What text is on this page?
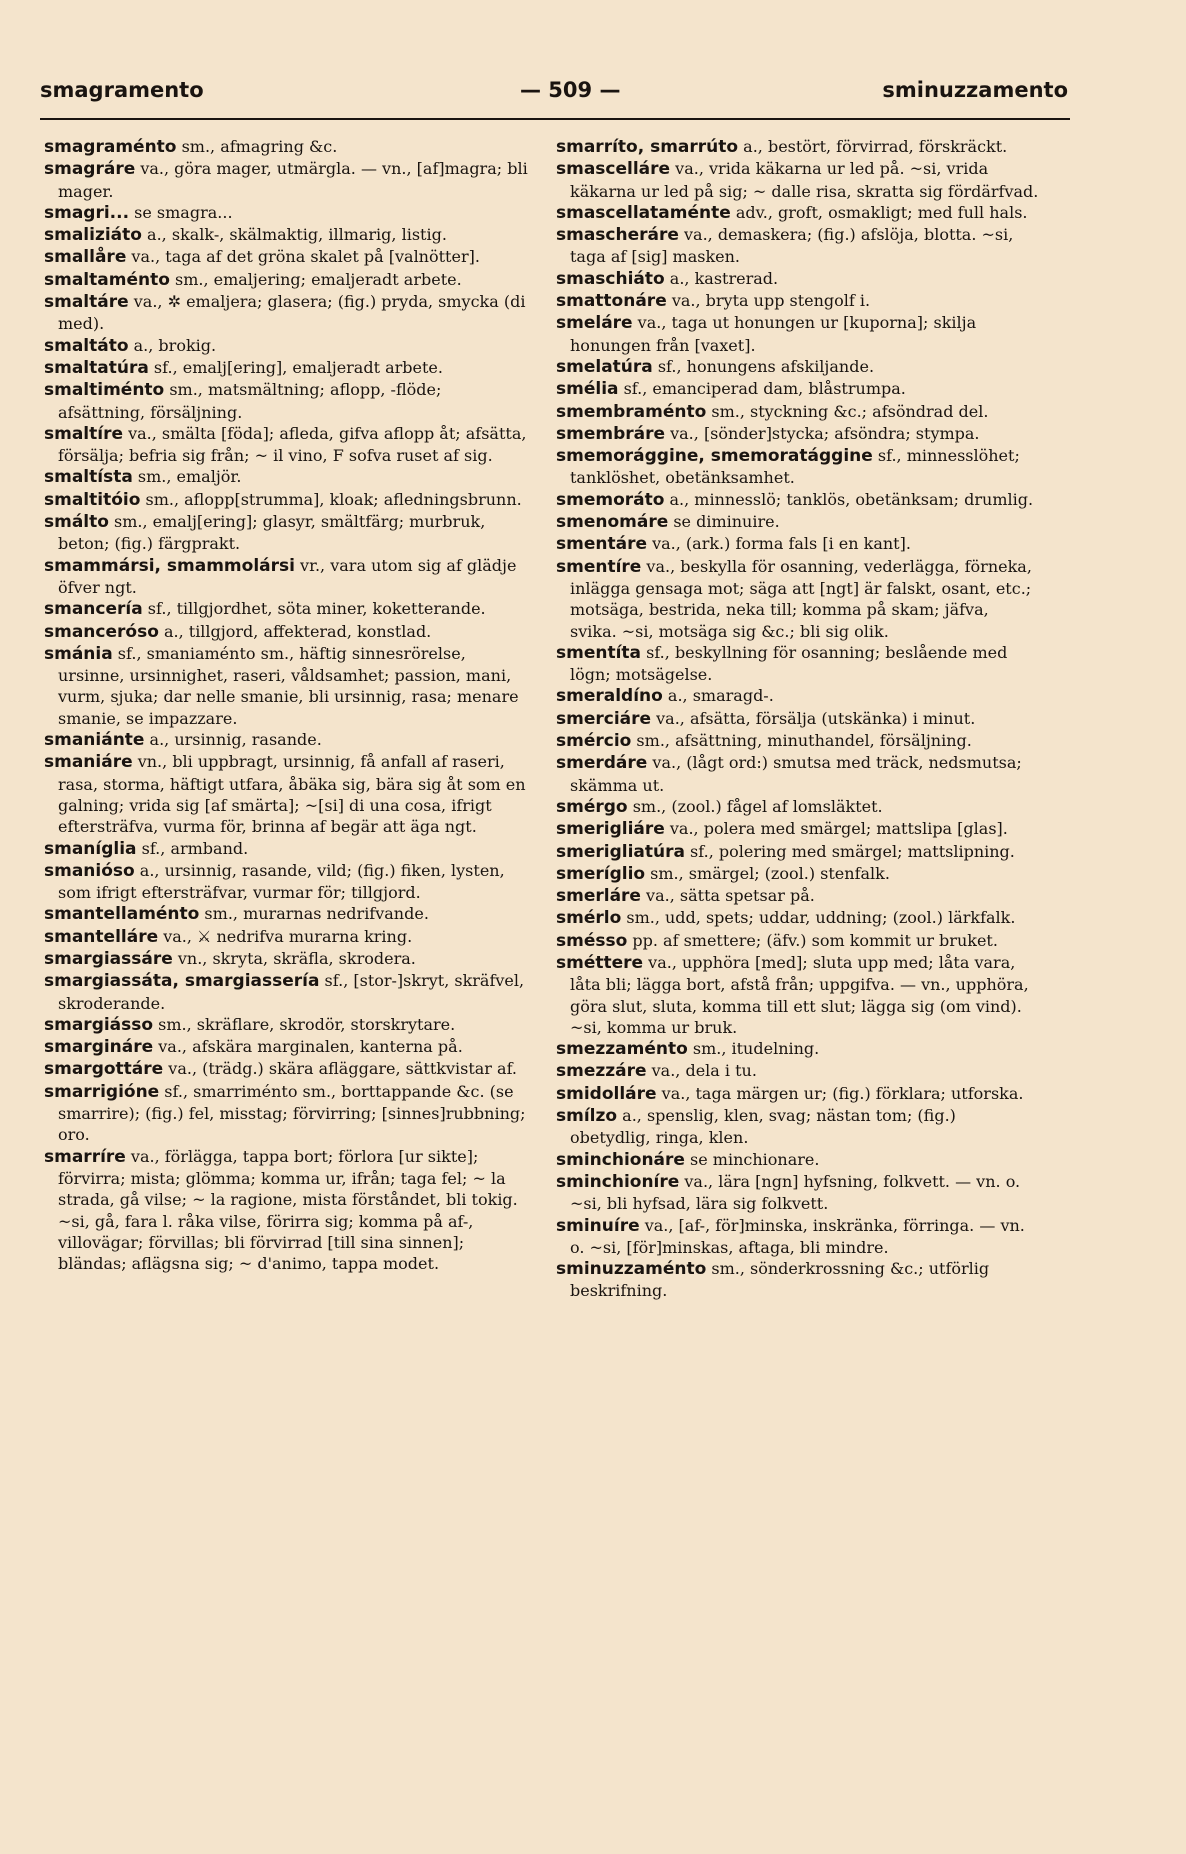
smagramento	— 509 —	sminuzzamento

smagraménto sm., afmagring &c.

smagráre va., göra mager, utmärgla. — vn., [af]magra; bli mager.

smagri... se smagra...

smaliziáto a., skalk-, skälmaktig, illmarig, listig.

smallåre va., taga af det gröna skalet på [valnötter].

smaltaménto sm., emaljering; emaljeradt arbete.

smaltáre va., ✲ emaljera; glasera; (fig.) pryda, smycka (di med).

smaltáto a., brokig.

smaltatúra sf., emalj[ering], emaljeradt arbete.

smaltiménto sm., matsmältning; aflopp, -flöde; afsättning, försäljning.

smaltíre va., smälta [föda]; afleda, gifva aflopp åt; afsätta, försälja; befria sig från; ~ il vino, F sofva ruset af sig.

smaltísta sm., emaljör.

smaltitóio sm., aflopp[strumma], kloak; afledningsbrunn.

smálto sm., emalj[ering]; glasyr, smältfärg; murbruk, beton; (fig.) färgprakt.

smammársi, smammolársi vr., vara utom sig af glädje öfver ngt.

smancería sf., tillgjordhet, söta miner, koketterande.

smanceróso a., tillgjord, affekterad, konstlad.

smánia sf., smaniaménto sm., häftig sinnesrörelse, ursinne, ursinnighet, raseri, våldsamhet; passion, mani, vurm, sjuka; dar nelle smanie, bli ursinnig, rasa; menare smanie, se impazzare.

smaniánte a., ursinnig, rasande.

smaniáre vn., bli uppbragt, ursinnig, få anfall af raseri, rasa, storma, häftigt utfara, åbäka sig, bära sig åt som en galning; vrida sig [af smärta]; ~[si] di una cosa, ifrigt eftersträfva, vurma för, brinna af begär att äga ngt.

smaníglia sf., armband.

smanióso a., ursinnig, rasande, vild; (fig.) fiken, lysten, som ifrigt eftersträfvar, vurmar för; tillgjord.

smantellaménto sm., murarnas nedrifvande.

smantelláre va., ⚔ nedrifva murarna kring.

smargiassáre vn., skryta, skräfla, skrodera.

smargiassáta, smargiassería sf., [stor-]skryt, skräfvel, skroderande.

smargiásso sm., skräflare, skrodör, storskrytare.

smargináre va., afskära marginalen, kanterna på.

smargottáre va., (trädg.) skära afläggare, sättkvistar af.

smarrigióne sf., smarriménto sm., borttappande &c. (se smarrire); (fig.) fel, misstag; förvirring; [sinnes]rubbning; oro.

smarríre va., förlägga, tappa bort; förlora [ur sikte]; förvirra; mista; glömma; komma ur, ifrån; taga fel; ~ la strada, gå vilse; ~ la ragione, mista förståndet, bli tokig. ~si, gå, fara l. råka vilse, förirra sig; komma på af-, villovägar; förvillas; bli förvirrad [till sina sinnen]; bländas; aflägsna sig; ~ d'animo, tappa modet.

smarríto, smarrúto a., bestört, förvirrad, förskräckt.

smascelláre va., vrida käkarna ur led på. ~si, vrida käkarna ur led på sig; ~ dalle risa, skratta sig fördärfvad.

smascellataménte adv., groft, osmakligt; med full hals.

smascheráre va., demaskera; (fig.) afslöja, blotta. ~si, taga af [sig] masken.

smaschiáto a., kastrerad.

smattonáre va., bryta upp stengolf i.

smeláre va., taga ut honungen ur [kuporna]; skilja honungen från [vaxet].

smelatúra sf., honungens afskiljande.

smélia sf., emanciperad dam, blåstrumpa.

smembraménto sm., styckning &c.; afsöndrad del.

smembráre va., [sönder]stycka; afsöndra; stympa.

smemorággine, smemoratággine sf., minnesslöhet; tanklöshet, obetänksamhet.

smemoráto a., minnesslö; tanklös, obetänksam; drumlig.

smenomáre se diminuire.

smentáre va., (ark.) forma fals [i en kant].

smentíre va., beskylla för osanning, vederlägga, förneka, inlägga gensaga mot; säga att [ngt] är falskt, osant, etc.; motsäga, bestrida, neka till; komma på skam; jäfva, svika. ~si, motsäga sig &c.; bli sig olik.

smentíta sf., beskyllning för osanning; beslående med lögn; motsägelse.

smeraldíno a., smaragd-.

smerciáre va., afsätta, försälja (utskänka) i minut.

smércio sm., afsättning, minuthandel, försäljning.

smerdáre va., (lågt ord:) smutsa med träck, nedsmutsa; skämma ut.

smérgo sm., (zool.) fågel af lomsläktet.

smerigliáre va., polera med smärgel; mattslipa [glas].

smerigliatúra sf., polering med smärgel; mattslipning.

smeríglio sm., smärgel; (zool.) stenfalk.

smerláre va., sätta spetsar på.

smérlo sm., udd, spets; uddar, uddning; (zool.) lärkfalk.

smésso pp. af smettere; (äfv.) som kommit ur bruket.

sméttere va., upphöra [med]; sluta upp med; låta vara, låta bli; lägga bort, afstå från; uppgifva. — vn., upphöra, göra slut, sluta, komma till ett slut; lägga sig (om vind). ~si, komma ur bruk.

smezzaménto sm., itudelning.

smezzáre va., dela i tu.

smidolláre va., taga märgen ur; (fig.) förklara; utforska.

smílzo a., spenslig, klen, svag; nästan tom; (fig.) obetydlig, ringa, klen.

sminchionáre se minchionare.

sminchioníre va., lära [ngn] hyfsning, folkvett. — vn. o. ~si, bli hyfsad, lära sig folkvett.

sminuíre va., [af-, för]minska, inskränka, förringa. — vn. o. ~si, [för]minskas, aftaga, bli mindre.

sminuzzaménto sm., sönderkrossning &c.; utförlig beskrifning.
